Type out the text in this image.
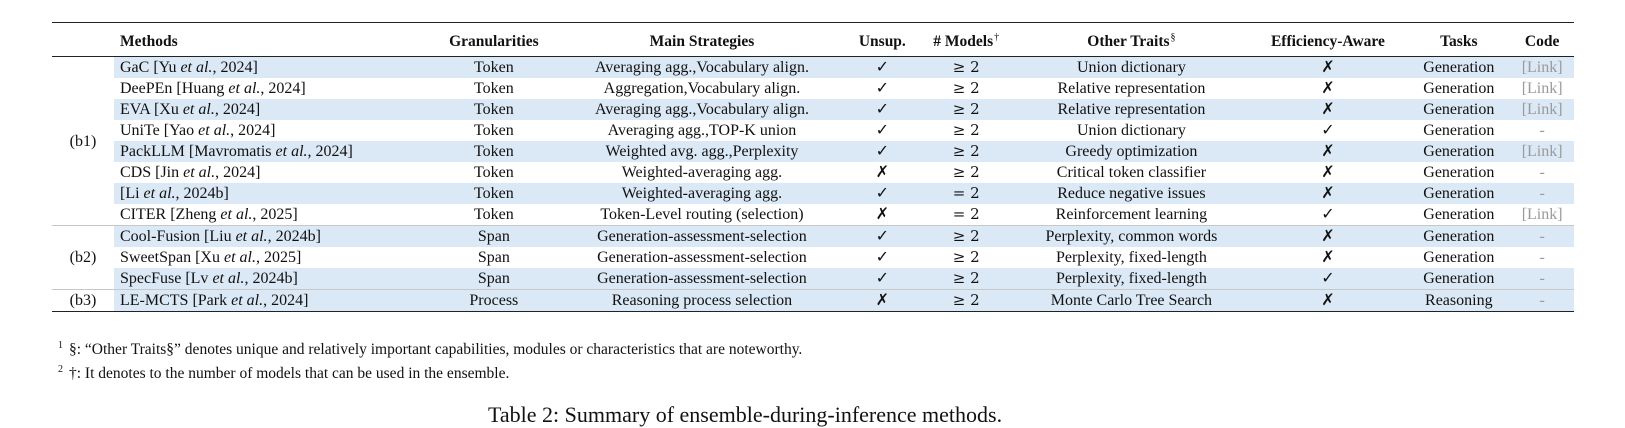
	Methods	Granularities	Main Strategies	Unsup.	# Models†	Other Traits§	Efficiency-Aware	Tasks	Code
(b1)	GaC [Yu et al., 2024]	Token	Averaging agg.,Vocabulary align.	✓	≥ 2	Union dictionary	✗	Generation	[Link]
	DeePEn [Huang et al., 2024]	Token	Aggregation,Vocabulary align.	✓	≥ 2	Relative representation	✗	Generation	[Link]
	EVA [Xu et al., 2024]	Token	Averaging agg.,Vocabulary align.	✓	≥ 2	Relative representation	✗	Generation	[Link]
	UniTe [Yao et al., 2024]	Token	Averaging agg.,TOP-K union	✓	≥ 2	Union dictionary	✓	Generation	-
	PackLLM [Mavromatis et al., 2024]	Token	Weighted avg. agg.,Perplexity	✓	≥ 2	Greedy optimization	✗	Generation	[Link]
	CDS [Jin et al., 2024]	Token	Weighted-averaging agg.	✗	≥ 2	Critical token classifier	✗	Generation	-
	[Li et al., 2024b]	Token	Weighted-averaging agg.	✓	= 2	Reduce negative issues	✗	Generation	-
	CITER [Zheng et al., 2025]	Token	Token-Level routing (selection)	✗	= 2	Reinforcement learning	✓	Generation	[Link]
(b2)	Cool-Fusion [Liu et al., 2024b]	Span	Generation-assessment-selection	✓	≥ 2	Perplexity, common words	✗	Generation	-
	SweetSpan [Xu et al., 2025]	Span	Generation-assessment-selection	✓	≥ 2	Perplexity, fixed-length	✗	Generation	-
	SpecFuse [Lv et al., 2024b]	Span	Generation-assessment-selection	✓	≥ 2	Perplexity, fixed-length	✓	Generation	-
(b3)	LE-MCTS [Park et al., 2024]	Process	Reasoning process selection	✗	≥ 2	Monte Carlo Tree Search	✗	Reasoning	-
$^1$ §: “Other Traits§” denotes unique and relatively important capabilities, modules or characteristics that are noteworthy.
$^2$ †: It denotes to the number of models that can be used in the ensemble.
Table 2: Summary of ensemble-during-inference methods.
